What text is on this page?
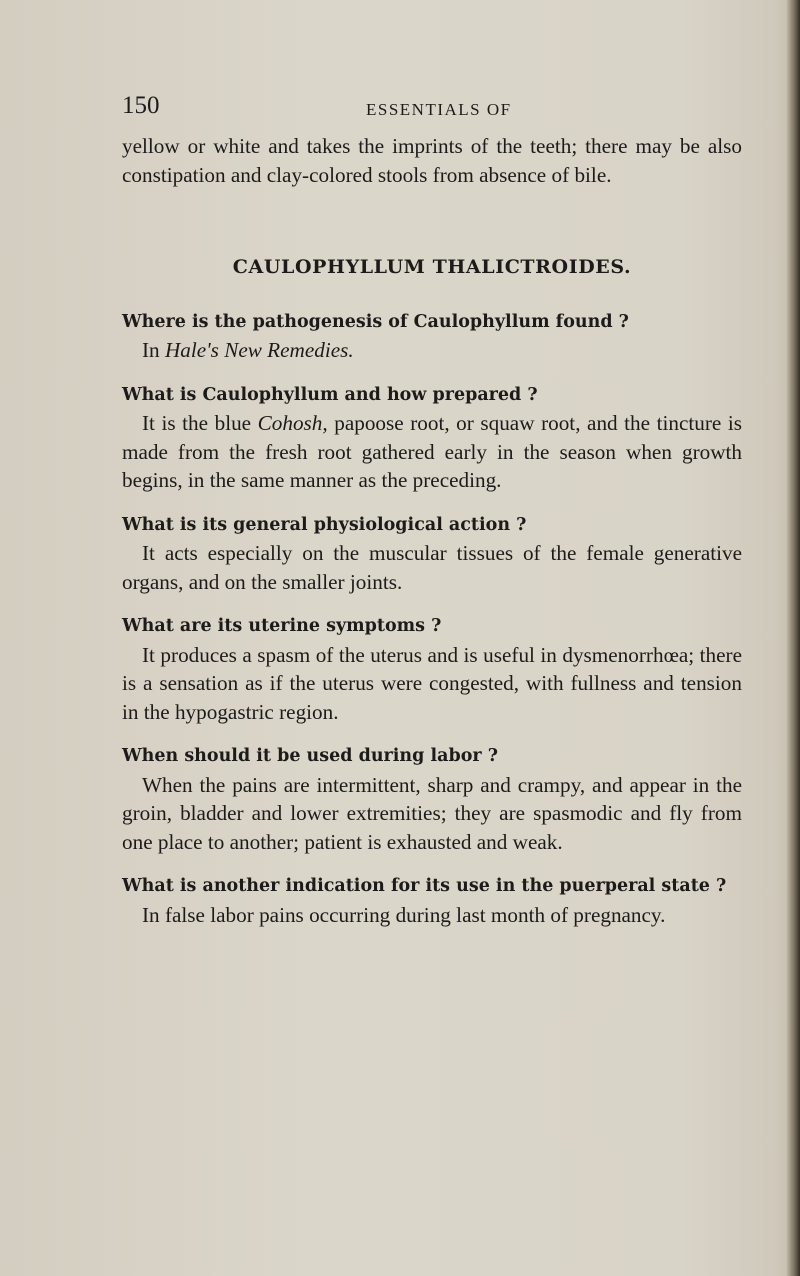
150	ESSENTIALS OF

yellow or white and takes the imprints of the teeth; there may be also constipation and clay-colored stools from absence of bile.

CAULOPHYLLUM THALICTROIDES.

Where is the pathogenesis of Caulophyllum found ?

In Hale's New Remedies.

What is Caulophyllum and how prepared ?

It is the blue Cohosh, papoose root, or squaw root, and the tincture is made from the fresh root gathered early in the season when growth begins, in the same manner as the preceding.

What is its general physiological action ?

It acts especially on the muscular tissues of the female generative organs, and on the smaller joints.

What are its uterine symptoms ?

It produces a spasm of the uterus and is useful in dysmenorrhœa; there is a sensation as if the uterus were congested, with fullness and tension in the hypogastric region.

When should it be used during labor ?

When the pains are intermittent, sharp and crampy, and appear in the groin, bladder and lower extremities; they are spasmodic and fly from one place to another; patient is exhausted and weak.

What is another indication for its use in the puerperal state ?

In false labor pains occurring during last month of pregnancy.
